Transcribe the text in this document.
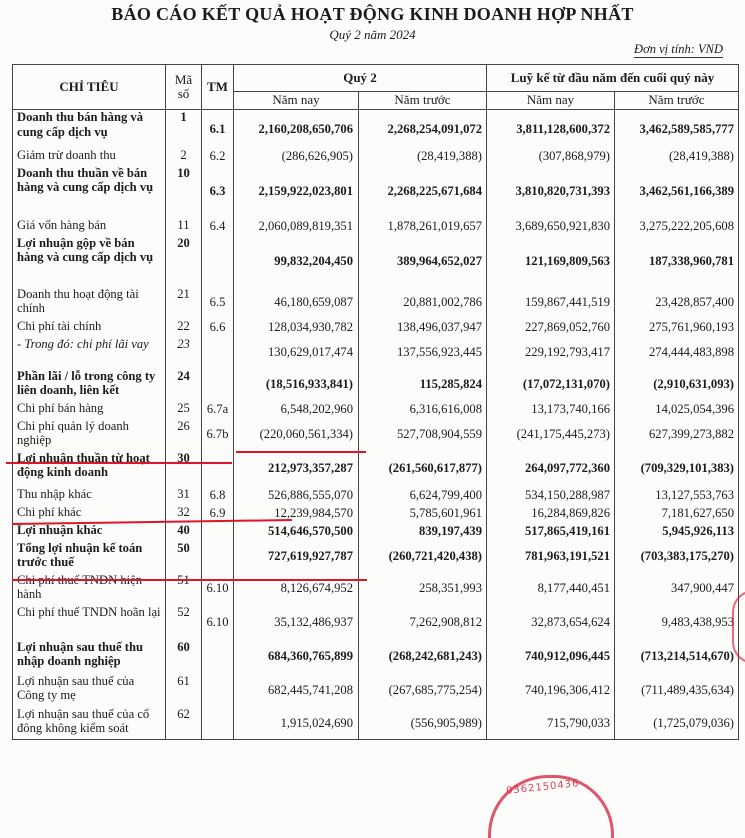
BÁO CÁO KẾT QUẢ HOẠT ĐỘNG KINH DOANH HỢP NHẤT
Quý 2 năm 2024
Đơn vị tính: VND
CHỈ TIÊU	Mã số	TM	Quý 2		Luỹ kế từ đầu năm đến cuối quý này	
			Năm nay	Năm trước	Năm nay	Năm trước
Doanh thu bán hàng và cung cấp dịch vụ	1	6.1	2,160,208,650,706	2,268,254,091,072	3,811,128,600,372	3,462,589,585,777
Giảm trừ doanh thu	2	6.2	(286,626,905)	(28,419,388)	(307,868,979)	(28,419,388)
Doanh thu thuần về bán hàng và cung cấp dịch vụ	10	6.3	2,159,922,023,801	2,268,225,671,684	3,810,820,731,393	3,462,561,166,389
Giá vốn hàng bán	11	6.4	2,060,089,819,351	1,878,261,019,657	3,689,650,921,830	3,275,222,205,608
Lợi nhuận gộp về bán hàng và cung cấp dịch vụ	20		99,832,204,450	389,964,652,027	121,169,809,563	187,338,960,781
Doanh thu hoạt động tài chính	21	6.5	46,180,659,087	20,881,002,786	159,867,441,519	23,428,857,400
Chi phí tài chính	22	6.6	128,034,930,782	138,496,037,947	227,869,052,760	275,761,960,193
- Trong đó: chi phí lãi vay	23		130,629,017,474	137,556,923,445	229,192,793,417	274,444,483,898
Phần lãi / lỗ trong công ty liên doanh, liên kết	24		(18,516,933,841)	115,285,824	(17,072,131,070)	(2,910,631,093)
Chi phí bán hàng	25	6.7a	6,548,202,960	6,316,616,008	13,173,740,166	14,025,054,396
Chi phí quản lý doanh nghiệp	26	6.7b	(220,060,561,334)	527,708,904,559	(241,175,445,273)	627,399,273,882
Lợi nhuận thuần từ hoạt động kinh doanh	30		212,973,357,287	(261,560,617,877)	264,097,772,360	(709,329,101,383)
Thu nhập khác	31	6.8	526,886,555,070	6,624,799,400	534,150,288,987	13,127,553,763
Chi phí khác	32	6.9	12,239,984,570	5,785,601,961	16,284,869,826	7,181,627,650
Lợi nhuận khác	40		514,646,570,500	839,197,439	517,865,419,161	5,945,926,113
Tổng lợi nhuận kế toán trước thuế	50		727,619,927,787	(260,721,420,438)	781,963,191,521	(703,383,175,270)
Chi phí thuế TNDN hiện hành	51	6.10	8,126,674,952	258,351,993	8,177,440,451	347,900,447
Chi phí thuế TNDN hoãn lại	52	6.10	35,132,486,937	7,262,908,812	32,873,654,624	9,483,438,953
Lợi nhuận sau thuế thu nhập doanh nghiệp	60		684,360,765,899	(268,242,681,243)	740,912,096,445	(713,214,514,670)
Lợi nhuận sau thuế của Công ty mẹ	61		682,445,741,208	(267,685,775,254)	740,196,306,412	(711,489,435,634)
Lợi nhuận sau thuế của cổ đông không kiểm soát	62		1,915,024,690	(556,905,989)	715,790,033	(1,725,079,036)
0362150436
